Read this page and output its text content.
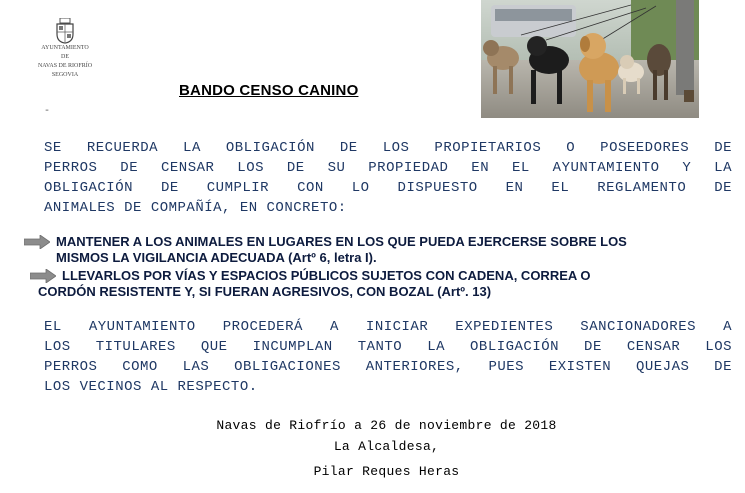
AYUNTAMIENTO
DE
NAVAS DE RIOFRÍO
SEGOVIA
BANDO CENSO CANINO
-
SE RECUERDA LA OBLIGACIÓN DE LOS PROPIETARIOS O POSEEDORES DE
PERROS DE CENSAR LOS DE SU PROPIEDAD EN EL AYUNTAMIENTO Y LA
OBLIGACIÓN DE CUMPLIR CON LO DISPUESTO EN EL REGLAMENTO DE
ANIMALES DE COMPAÑÍA, EN CONCRETO:
MANTENER A LOS ANIMALES EN LUGARES EN LOS QUE PUEDA EJERCERSE SOBRE LOS
MISMOS LA VIGILANCIA ADECUADA (Artº 6, letra I).
LLEVARLOS POR VÍAS Y ESPACIOS PÚBLICOS SUJETOS CON CADENA, CORREA O
CORDÓN RESISTENTE Y, SI FUERAN AGRESIVOS, CON BOZAL (Artº. 13)
EL AYUNTAMIENTO PROCEDERÁ A INICIAR EXPEDIENTES SANCIONADORES A
LOS TITULARES QUE INCUMPLAN TANTO LA OBLIGACIÓN DE CENSAR LOS
PERROS COMO LAS OBLIGACIONES ANTERIORES, PUES EXISTEN QUEJAS DE
LOS VECINOS AL RESPECTO.
Navas de Riofrío a 26 de noviembre de 2018
La Alcaldesa,
Pilar Reques Heras
